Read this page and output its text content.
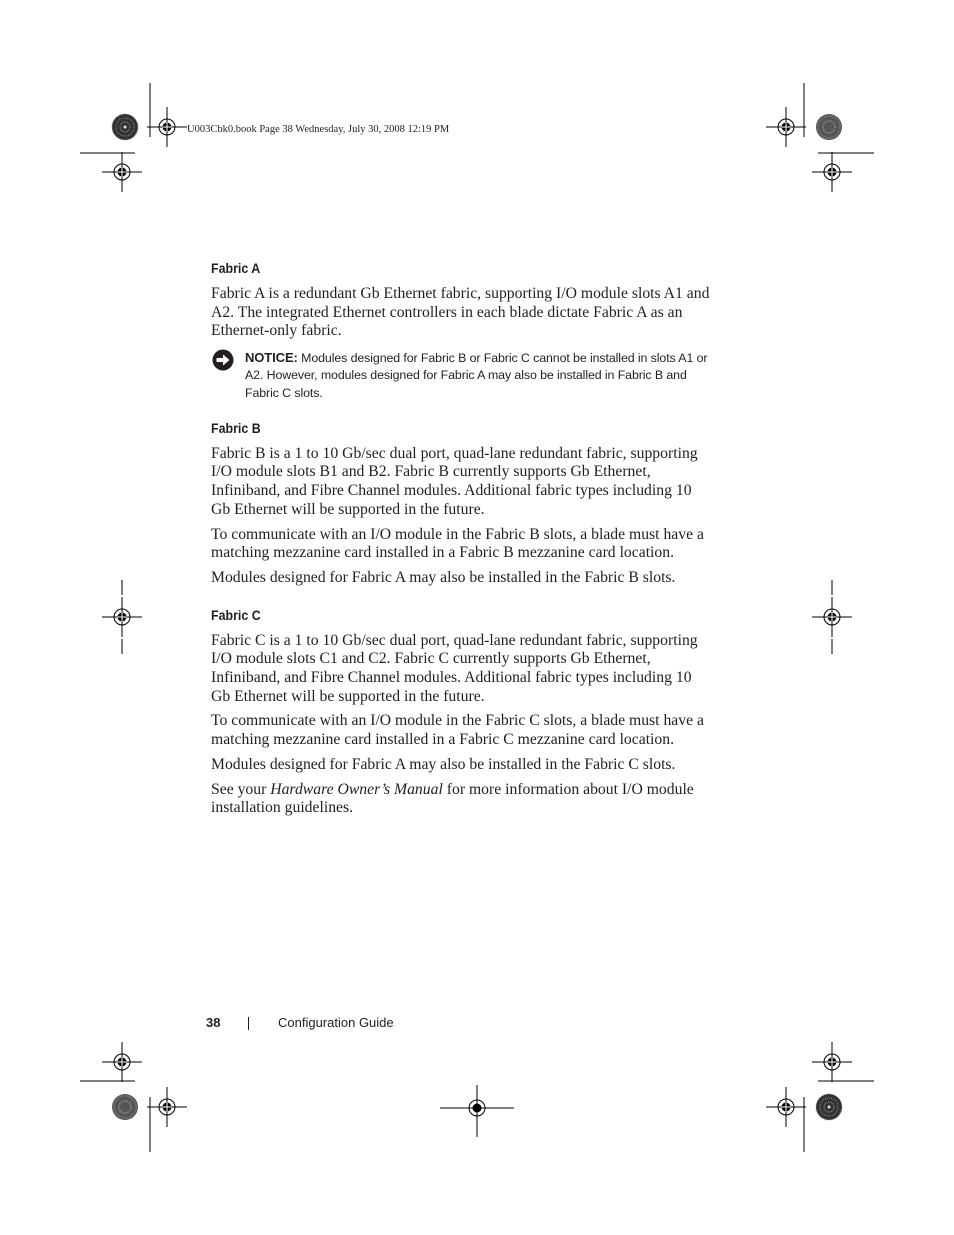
U003Cbk0.book Page 38 Wednesday, July 30, 2008 12:19 PM
Fabric A

Fabric A is a redundant Gb Ethernet fabric, supporting I/O module slots A1 and A2. The integrated Ethernet controllers in each blade dictate Fabric A as an Ethernet-only fabric.

NOTICE: Modules designed for Fabric B or Fabric C cannot be installed in slots A1 or A2. However, modules designed for Fabric A may also be installed in Fabric B and Fabric C slots.
Fabric B

Fabric B is a 1 to 10 Gb/sec dual port, quad-lane redundant fabric, supporting I/O module slots B1 and B2. Fabric B currently supports Gb Ethernet, Infiniband, and Fibre Channel modules. Additional fabric types including 10 Gb Ethernet will be supported in the future.

To communicate with an I/O module in the Fabric B slots, a blade must have a matching mezzanine card installed in a Fabric B mezzanine card location.

Modules designed for Fabric A may also be installed in the Fabric B slots.

Fabric C

Fabric C is a 1 to 10 Gb/sec dual port, quad-lane redundant fabric, supporting I/O module slots C1 and C2. Fabric C currently supports Gb Ethernet, Infiniband, and Fibre Channel modules. Additional fabric types including 10 Gb Ethernet will be supported in the future.

To communicate with an I/O module in the Fabric C slots, a blade must have a matching mezzanine card installed in a Fabric C mezzanine card location.

Modules designed for Fabric A may also be installed in the Fabric C slots.

See your Hardware Owner’s Manual for more information about I/O module installation guidelines.

38	Configuration Guide
